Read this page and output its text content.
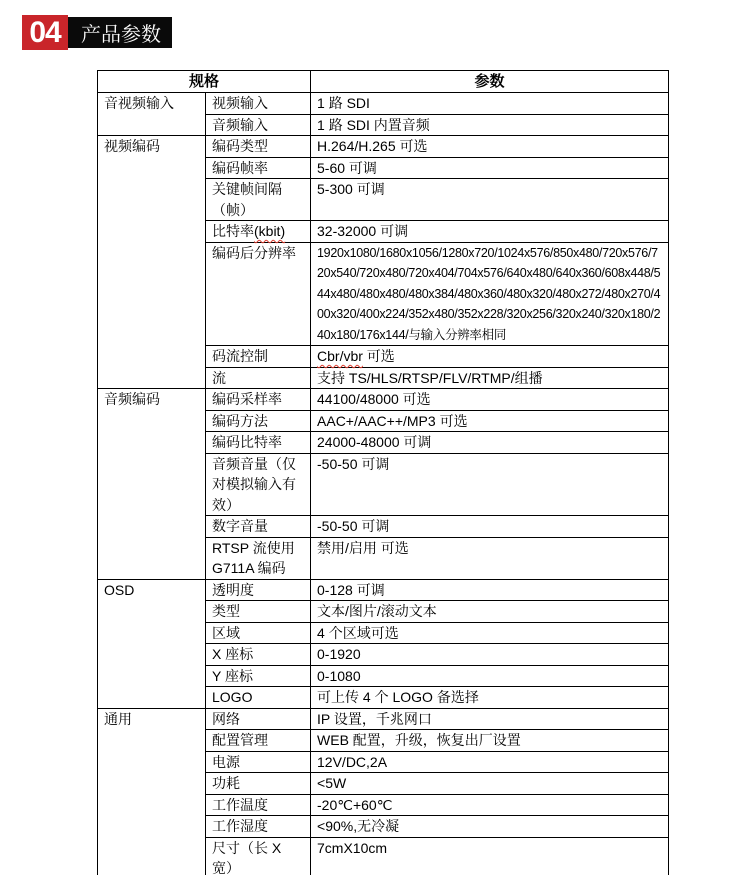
04 产品参数
规格		参数
音视频输入	视频输入	1 路 SDI
	音频输入	1 路 SDI 内置音频
视频编码	编码类型	H.264/H.265 可选
	编码帧率	5-60 可调
	关键帧间隔（帧）	5-300 可调
	比特率(kbit)	32-32000 可调
	编码后分辨率	1920x1080/1680x1056/1280x720/1024x576/850x480/720x576/720x540/720x480/720x404/704x576/640x480/640x360/608x448/544x480/480x480/480x384/480x360/480x320/480x272/480x270/400x320/400x224/352x480/352x228/320x256/320x240/320x180/240x180/176x144/与输入分辨率相同
	码流控制	Cbr/vbr 可选
	流	支持 TS/HLS/RTSP/FLV/RTMP/组播
音频编码	编码采样率	44100/48000 可选
	编码方法	AAC+/AAC++/MP3 可选
	编码比特率	24000-48000 可调
	音频音量（仅对模拟输入有效）	-50-50 可调
	数字音量	-50-50 可调
	RTSP 流使用 G711A 编码	禁用/启用 可选
OSD	透明度	0-128 可调
	类型	文本/图片/滚动文本
	区域	4 个区域可选
	X 座标	0-1920
	Y 座标	0-1080
	LOGO	可上传 4 个 LOGO 备选择
通用	网络	IP 设置，千兆网口
	配置管理	WEB 配置，升级，恢复出厂设置
	电源	12V/DC,2A
	功耗	<5W
	工作温度	-20℃+60℃
	工作湿度	<90%,无冷凝
	尺寸（长 X 宽）	7cmX10cm
